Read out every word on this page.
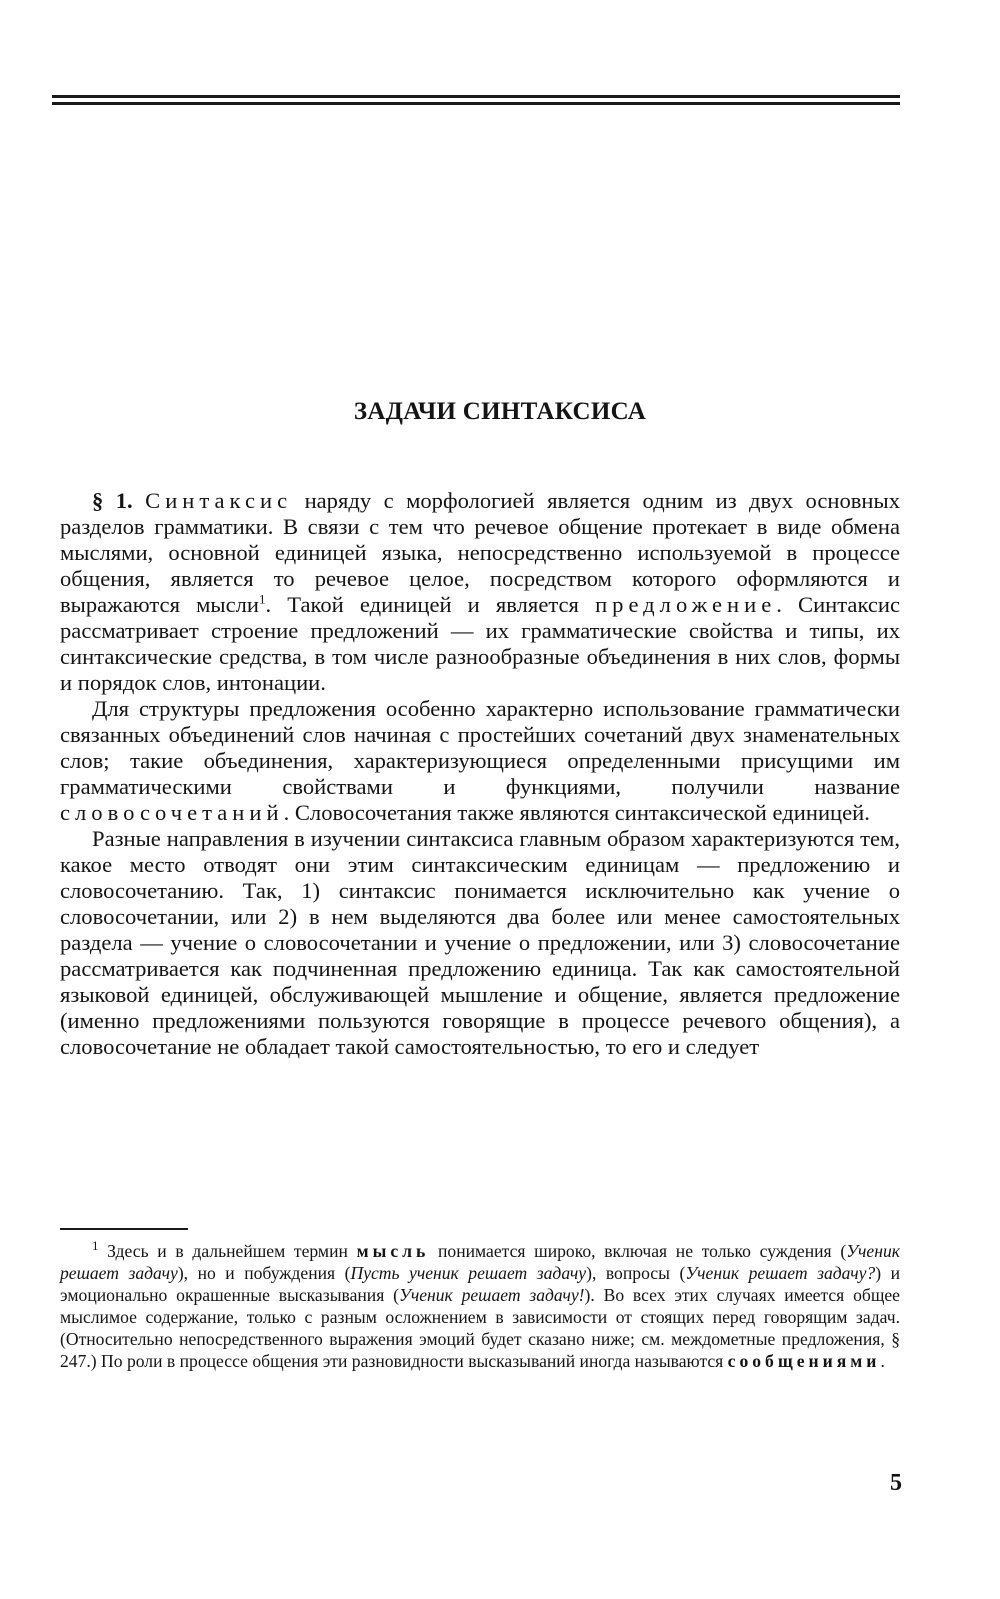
ЗАДАЧИ СИНТАКСИСА

§ 1. Синтаксис наряду с морфологией является одним из двух основных разделов грамматики. В связи с тем что речевое общение протекает в виде обмена мыслями, основной единицей языка, непосредственно используемой в процессе общения, является то речевое целое, посредством которого оформляются и выражаются мысли$^1$. Такой единицей и является предложение. Синтаксис рассматривает строение предложений — их грамматические свойства и типы, их синтаксические средства, в том числе разнообразные объединения в них слов, формы и порядок слов, интонации.

Для структуры предложения особенно характерно использование грамматически связанных объединений слов начиная с простейших сочетаний двух знаменательных слов; такие объединения, характеризующиеся определенными присущими им грамматическими свойствами и функциями, получили название словосочетаний. Словосочетания также являются синтаксической единицей.

Разные направления в изучении синтаксиса главным образом характеризуются тем, какое место отводят они этим синтаксическим единицам — предложению и словосочетанию. Так, 1) синтаксис понимается исключительно как учение о словосочетании, или 2) в нем выделяются два более или менее самостоятельных раздела — учение о словосочетании и учение о предложении, или 3) словосочетание рассматривается как подчиненная предложению единица. Так как самостоятельной языковой единицей, обслуживающей мышление и общение, является предложение (именно предложениями пользуются говорящие в процессе речевого общения), а словосочетание не обладает такой самостоятельностью, то его и следует

$^1$ Здесь и в дальнейшем термин мысль понимается широко, включая не только суждения (Ученик решает задачу), но и побуждения (Пусть ученик решает задачу), вопросы (Ученик решает задачу?) и эмоционально окрашенные высказывания (Ученик решает задачу!). Во всех этих случаях имеется общее мыслимое содержание, только с разным осложнением в зависимости от стоящих перед говорящим задач. (Относительно непосредственного выражения эмоций будет сказано ниже; см. междометные предложения, § 247.) По роли в процессе общения эти разновидности высказываний иногда называются сообщениями.

5
